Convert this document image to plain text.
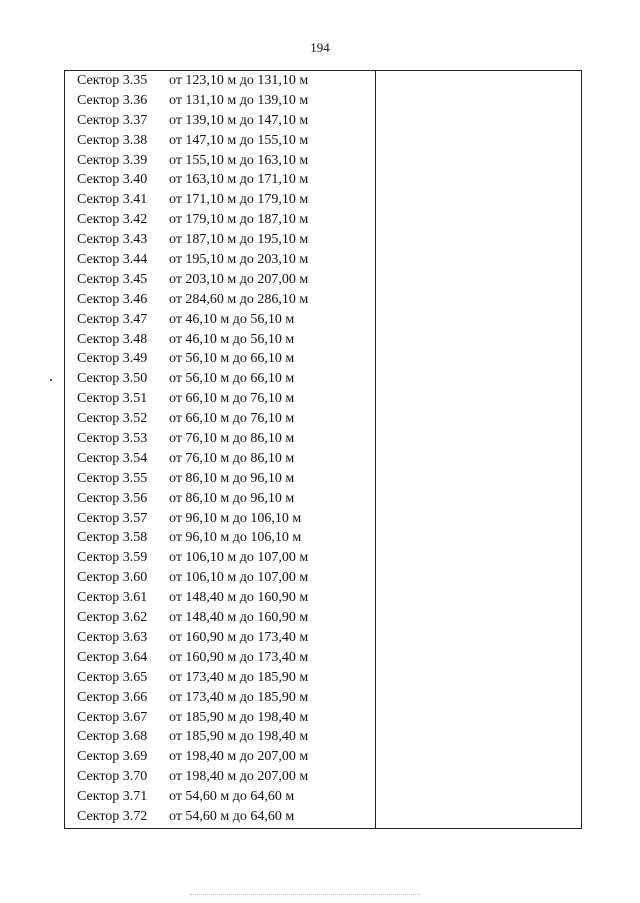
194
Сектор 3.35 от 123,10 м до 131,10 м
Сектор 3.36 от 131,10 м до 139,10 м
Сектор 3.37 от 139,10 м до 147,10 м
Сектор 3.38 от 147,10 м до 155,10 м
Сектор 3.39 от 155,10 м до 163,10 м
Сектор 3.40 от 163,10 м до 171,10 м
Сектор 3.41 от 171,10 м до 179,10 м
Сектор 3.42 от 179,10 м до 187,10 м
Сектор 3.43 от 187,10 м до 195,10 м
Сектор 3.44 от 195,10 м до 203,10 м
Сектор 3.45 от 203,10 м до 207,00 м
Сектор 3.46 от 284,60 м до 286,10 м
Сектор 3.47 от 46,10 м до 56,10 м
Сектор 3.48 от 46,10 м до 56,10 м
Сектор 3.49 от 56,10 м до 66,10 м
Сектор 3.50 от 56,10 м до 66,10 м
Сектор 3.51 от 66,10 м до 76,10 м
Сектор 3.52 от 66,10 м до 76,10 м
Сектор 3.53 от 76,10 м до 86,10 м
Сектор 3.54 от 76,10 м до 86,10 м
Сектор 3.55 от 86,10 м до 96,10 м
Сектор 3.56 от 86,10 м до 96,10 м
Сектор 3.57 от 96,10 м до 106,10 м
Сектор 3.58 от 96,10 м до 106,10 м
Сектор 3.59 от 106,10 м до 107,00 м
Сектор 3.60 от 106,10 м до 107,00 м
Сектор 3.61 от 148,40 м до 160,90 м
Сектор 3.62 от 148,40 м до 160,90 м
Сектор 3.63 от 160,90 м до 173,40 м
Сектор 3.64 от 160,90 м до 173,40 м
Сектор 3.65 от 173,40 м до 185,90 м
Сектор 3.66 от 173,40 м до 185,90 м
Сектор 3.67 от 185,90 м до 198,40 м
Сектор 3.68 от 185,90 м до 198,40 м
Сектор 3.69 от 198,40 м до 207,00 м
Сектор 3.70 от 198,40 м до 207,00 м
Сектор 3.71 от 54,60 м до 64,60 м
Сектор 3.72 от 54,60 м до 64,60 м
